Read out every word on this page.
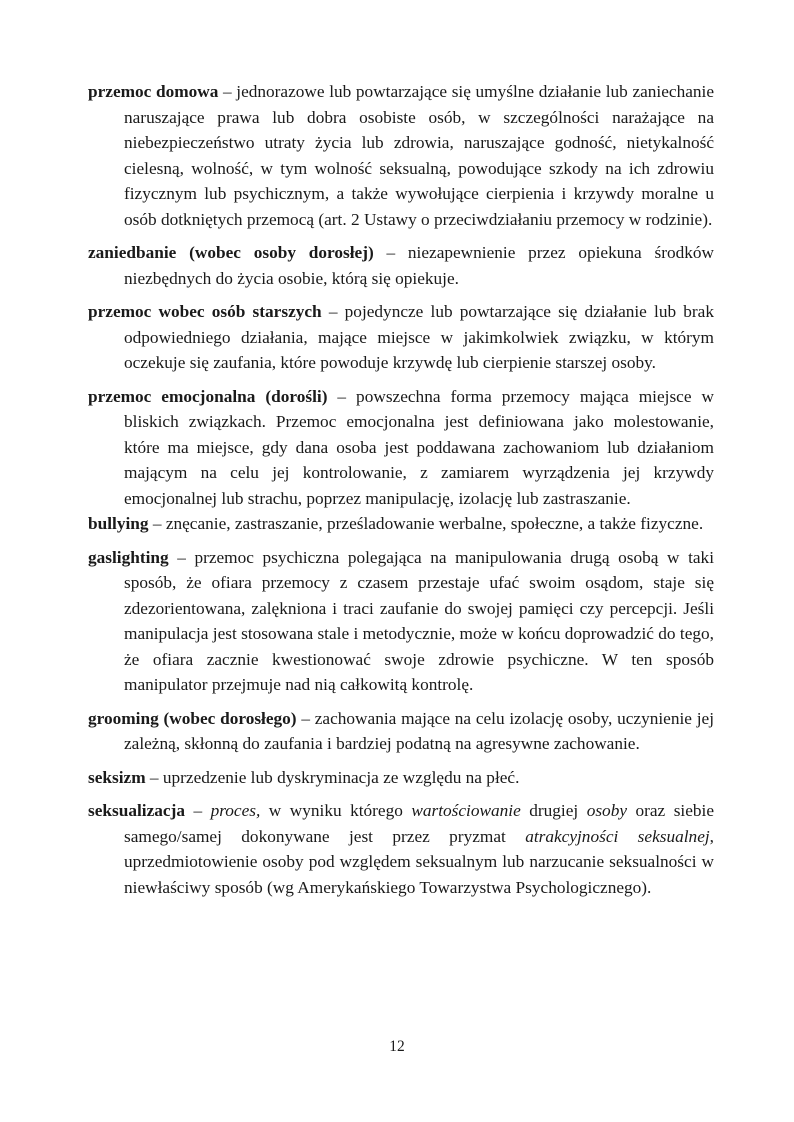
przemoc domowa – jednorazowe lub powtarzające się umyślne działanie lub zaniechanie naruszające prawa lub dobra osobiste osób, w szczególności narażające na niebezpieczeństwo utraty życia lub zdrowia, naruszające godność, nietykalność cielesną, wolność, w tym wolność seksualną, powodujące szkody na ich zdrowiu fizycznym lub psychicznym, a także wywołujące cierpienia i krzywdy moralne u osób dotkniętych przemocą (art. 2 Ustawy o przeciwdziałaniu przemocy w rodzinie).

zaniedbanie (wobec osoby dorosłej) – niezapewnienie przez opiekuna środków niezbędnych do życia osobie, którą się opiekuje.

przemoc wobec osób starszych – pojedyncze lub powtarzające się działanie lub brak odpowiedniego działania, mające miejsce w jakimkolwiek związku, w którym oczekuje się zaufania, które powoduje krzywdę lub cierpienie starszej osoby.

przemoc emocjonalna (dorośli) – powszechna forma przemocy mająca miejsce w bliskich związkach. Przemoc emocjonalna jest definiowana jako molestowanie, które ma miejsce, gdy dana osoba jest poddawana zachowaniom lub działaniom mającym na celu jej kontrolowanie, z zamiarem wyrządzenia jej krzywdy emocjonalnej lub strachu, poprzez manipulację, izolację lub zastraszanie.

bullying – znęcanie, zastraszanie, prześladowanie werbalne, społeczne, a także fizyczne.

gaslighting – przemoc psychiczna polegająca na manipulowania drugą osobą w taki sposób, że ofiara przemocy z czasem przestaje ufać swoim osądom, staje się zdezorientowana, zalękniona i traci zaufanie do swojej pamięci czy percepcji. Jeśli manipulacja jest stosowana stale i metodycznie, może w końcu doprowadzić do tego, że ofiara zacznie kwestionować swoje zdrowie psychiczne. W ten sposób manipulator przejmuje nad nią całkowitą kontrolę.

grooming (wobec dorosłego) – zachowania mające na celu izolację osoby, uczynienie jej zależną, skłonną do zaufania i bardziej podatną na agresywne zachowanie.

seksizm – uprzedzenie lub dyskryminacja ze względu na płeć.

seksualizacja – proces, w wyniku którego wartościowanie drugiej osoby oraz siebie samego/samej dokonywane jest przez pryzmat atrakcyjności seksualnej, uprzedmiotowienie osoby pod względem seksualnym lub narzucanie seksualności w niewłaściwy sposób (wg Amerykańskiego Towarzystwa Psychologicznego).

12
